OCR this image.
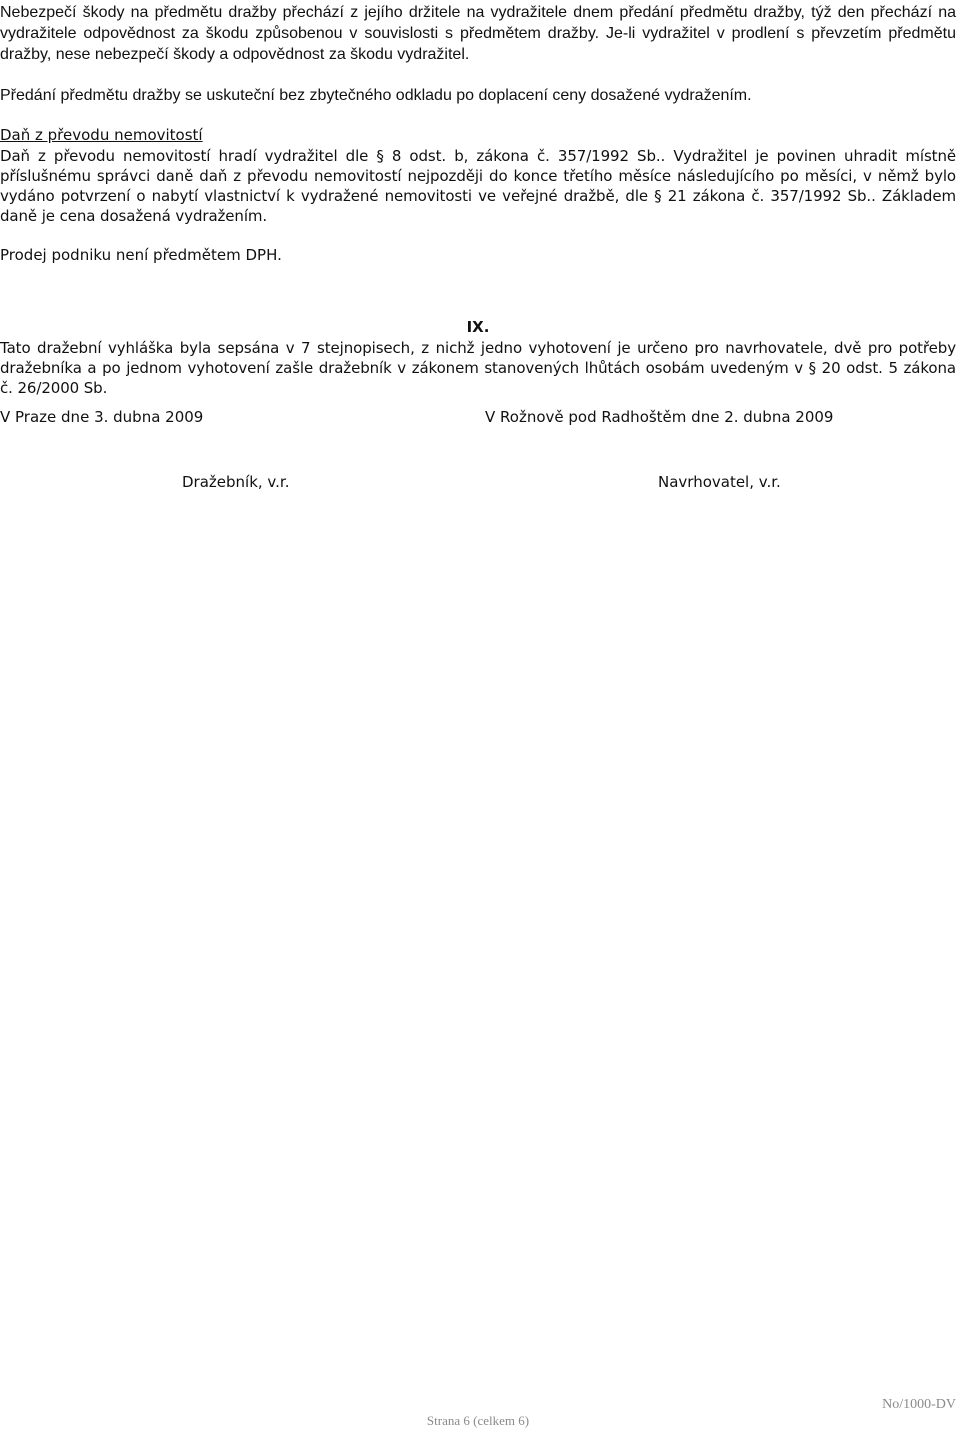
Nebezpečí škody na předmětu dražby přechází z jejího držitele na vydražitele dnem předání předmětu dražby, týž den přechází na vydražitele odpovědnost za škodu způsobenou v souvislosti s předmětem dražby. Je-li vydražitel v prodlení s převzetím předmětu dražby, nese nebezpečí škody a odpovědnost za škodu vydražitel.

Předání předmětu dražby se uskuteční bez zbytečného odkladu po doplacení ceny dosažené vydražením.

Daň z převodu nemovitostí

Daň z převodu nemovitostí hradí vydražitel dle § 8 odst. b, zákona č. 357/1992 Sb.. Vydražitel je povinen uhradit místně příslušnému správci daně daň z převodu nemovitostí nejpozději do konce třetího měsíce následujícího po měsíci, v němž bylo vydáno potvrzení o nabytí vlastnictví k vydražené nemovitosti ve veřejné dražbě, dle § 21 zákona č. 357/1992 Sb.. Základem daně je cena dosažená vydražením.

Prodej podniku není předmětem DPH.

IX.

Tato dražební vyhláška byla sepsána v 7 stejnopisech, z nichž jedno vyhotovení je určeno pro navrhovatele, dvě pro potřeby dražebníka a po jednom vyhotovení zašle dražebník v zákonem stanovených lhůtách osobám uvedeným v § 20 odst. 5 zákona č. 26/2000 Sb.

V Praze dne 3. dubna 2009	V Rožnově pod Radhoštěm dne 2. dubna 2009
Dražebník, v.r.	Navrhovatel, v.r.
No/1000-DV
Strana 6 (celkem 6)
